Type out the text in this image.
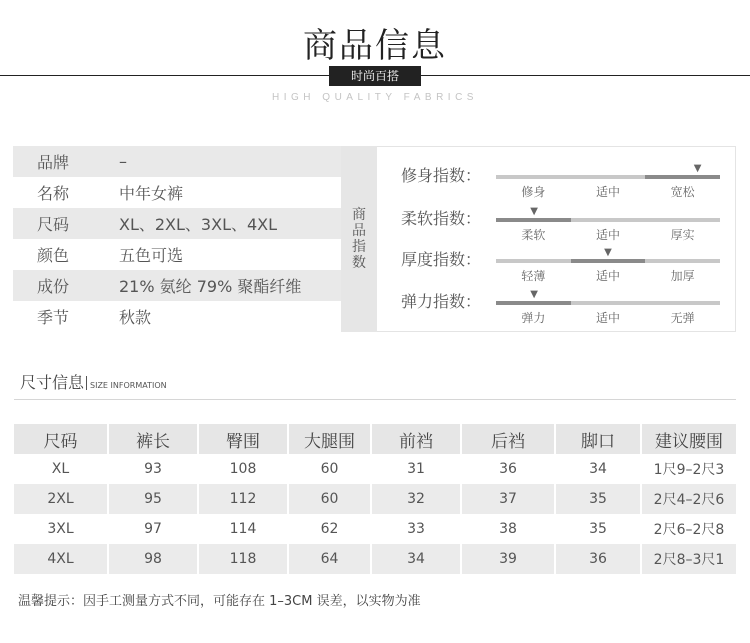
商品信息
时尚百搭
HIGH QUALITY FABRICS
品牌	–
名称	中年女裤
尺码	XL、2XL、3XL、4XL
颜色	五色可选
成份	21% 氨纶 79% 聚酯纤维
季节	秋款
商
品
指
数
修身指数：	▼
修身	适中	宽松
柔软指数：	▼
柔软	适中	厚实
厚度指数：	▼
轻薄	适中	加厚
弹力指数：	▼
弹力	适中	无弹
尺寸信息 SIZE INFORMATION
尺码	裤长	臀围	大腿围	前裆	后裆	脚口	建议腰围
XL	93	108	60	31	36	34	1尺9–2尺3
2XL	95	112	60	32	37	35	2尺4–2尺6
3XL	97	114	62	33	38	35	2尺6–2尺8
4XL	98	118	64	34	39	36	2尺8–3尺1
温馨提示：因手工测量方式不同，可能存在 1–3CM 误差，以实物为准
